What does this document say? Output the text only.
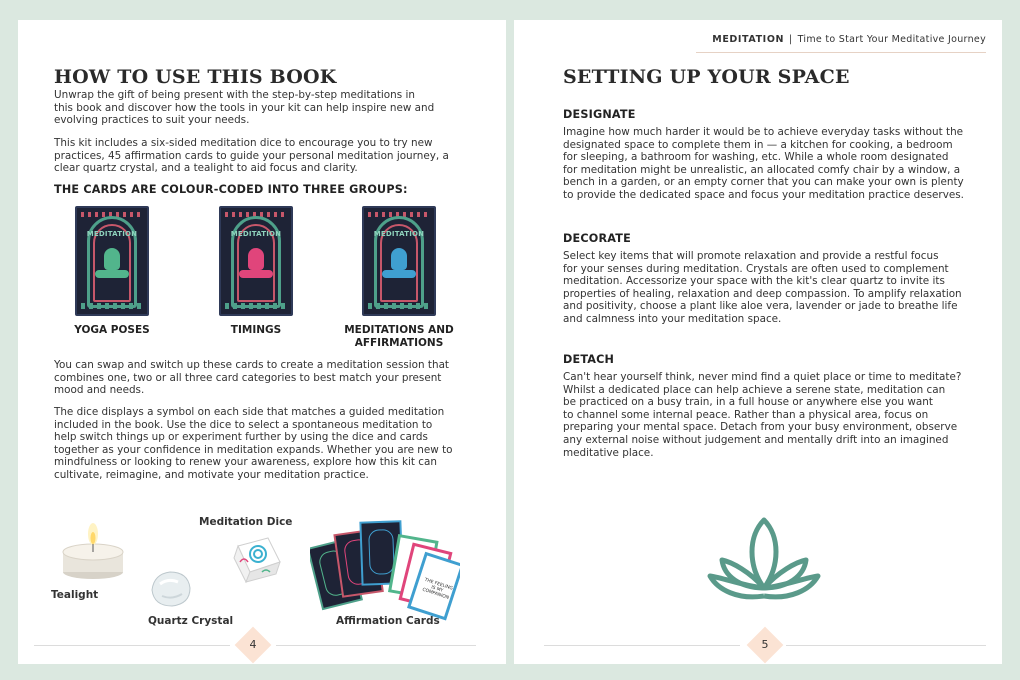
HOW TO USE THIS BOOK
Unwrap the gift of being present with the step-by-step meditations in
this book and discover how the tools in your kit can help inspire new and
evolving practices to suit your needs.
This kit includes a six-sided meditation dice to encourage you to try new
practices, 45 affirmation cards to guide your personal meditation journey, a
clear quartz crystal, and a tealight to aid focus and clarity.
THE CARDS ARE COLOUR-CODED INTO THREE GROUPS:
MEDITATION
YOGA POSES
MEDITATION
TIMINGS
MEDITATION
MEDITATIONS AND
AFFIRMATIONS
You can swap and switch up these cards to create a meditation session that
combines one, two or all three card categories to best match your present
mood and needs.
The dice displays a symbol on each side that matches a guided meditation
included in the book. Use the dice to select a spontaneous meditation to
help switch things up or experiment further by using the dice and cards
together as your confidence in meditation expands. Whether you are new to
mindfulness or looking to renew your awareness, explore how this kit can
cultivate, reimagine, and motivate your meditation practice.
Tealight
Quartz Crystal
Meditation Dice
THE FEELING IS MY COMPANION
Affirmation Cards
4
MEDITATION | Time to Start Your Meditative Journey
SETTING UP YOUR SPACE
DESIGNATE
Imagine how much harder it would be to achieve everyday tasks without the
designated space to complete them in — a kitchen for cooking, a bedroom
for sleeping, a bathroom for washing, etc. While a whole room designated
for meditation might be unrealistic, an allocated comfy chair by a window, a
bench in a garden, or an empty corner that you can make your own is plenty
to provide the dedicated space and focus your meditation practice deserves.
DECORATE
Select key items that will promote relaxation and provide a restful focus
for your senses during meditation. Crystals are often used to complement
meditation. Accessorize your space with the kit's clear quartz to invite its
properties of healing, relaxation and deep compassion. To amplify relaxation
and positivity, choose a plant like aloe vera, lavender or jade to breathe life
and calmness into your meditation space.
DETACH
Can't hear yourself think, never mind find a quiet place or time to meditate?
Whilst a dedicated place can help achieve a serene state, meditation can
be practiced on a busy train, in a full house or anywhere else you want
to channel some internal peace. Rather than a physical area, focus on
preparing your mental space. Detach from your busy environment, observe
any external noise without judgement and mentally drift into an imagined
meditative place.
5
